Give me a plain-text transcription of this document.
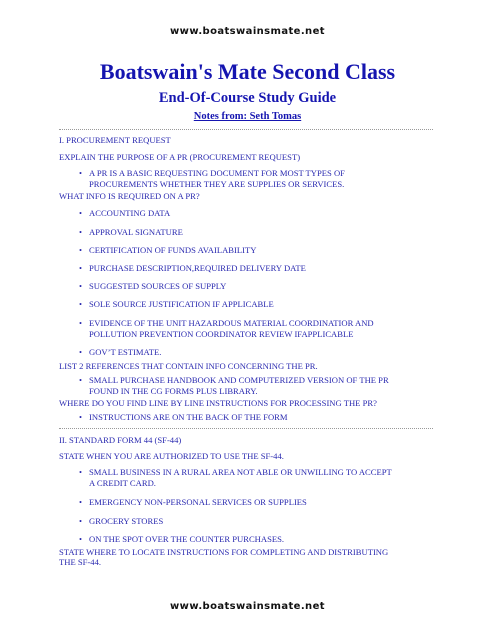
www.boatswainsmate.net
Boatswain's Mate Second Class
End-Of-Course Study Guide
Notes from: Seth Tomas
I. PROCUREMENT REQUEST
EXPLAIN THE PURPOSE OF A PR (PROCUREMENT REQUEST)
• A PR IS A BASIC REQUESTING DOCUMENT FOR MOST TYPES OF
PROCUREMENTS WHETHER THEY ARE SUPPLIES OR SERVICES.
WHAT INFO IS REQUIRED ON A PR?
• ACCOUNTING DATA
• APPROVAL SIGNATURE
• CERTIFICATION OF FUNDS AVAILABILITY
• PURCHASE DESCRIPTION,REQUIRED DELIVERY DATE
• SUGGESTED SOURCES OF SUPPLY
• SOLE SOURCE JUSTIFICATION IF APPLICABLE
• EVIDENCE OF THE UNIT HAZARDOUS MATERIAL COORDINATIOR AND
POLLUTION PREVENTION COORDINATOR REVIEW IFAPPLICABLE
• GOV’T ESTIMATE.
LIST 2 REFERENCES THAT CONTAIN INFO CONCERNING THE PR.
• SMALL PURCHASE HANDBOOK AND COMPUTERIZED VERSION OF THE PR
FOUND IN THE CG FORMS PLUS LIBRARY.
WHERE DO YOU FIND LINE BY LINE INSTRUCTIONS FOR PROCESSING THE PR?
• INSTRUCTIONS ARE ON THE BACK OF THE FORM
II. STANDARD FORM 44 (SF-44)
STATE WHEN YOU ARE AUTHORIZED TO USE THE SF-44.
• SMALL BUSINESS IN A RURAL AREA NOT ABLE OR UNWILLING TO ACCEPT
A CREDIT CARD.
• EMERGENCY NON-PERSONAL SERVICES OR SUPPLIES
• GROCERY STORES
• ON THE SPOT OVER THE COUNTER PURCHASES.
STATE WHERE TO LOCATE INSTRUCTIONS FOR COMPLETING AND DISTRIBUTING
THE SF-44.
www.boatswainsmate.net
